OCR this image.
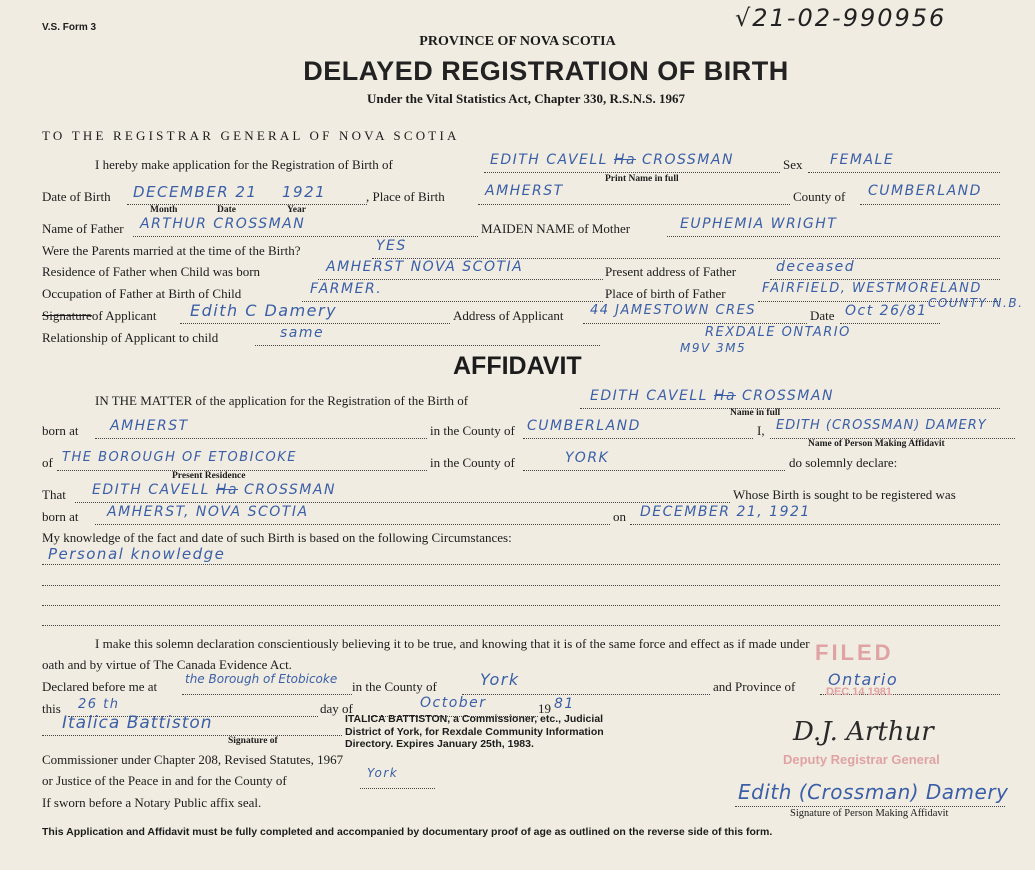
V.S. Form 3	√21-02-990956
PROVINCE OF NOVA SCOTIA
DELAYED REGISTRATION OF BIRTH
Under the Vital Statistics Act, Chapter 330, R.S.N.S. 1967
TO THE REGISTRAR GENERAL OF NOVA SCOTIA
I hereby make application for the Registration of Birth of	EDITH CAVELL Ha CROSSMAN
Print Name in full
Sex FEMALE
Date of Birth DECEMBER 21 1921
Month	Date	Year
, Place of Birth	AMHERST	County of CUMBERLAND
Name of Father ARTHUR CROSSMAN	MAIDEN NAME of Mother	EUPHEMIA WRIGHT
Were the Parents married at the time of the Birth?	YES
Residence of Father when Child was born	AMHERST NOVA SCOTIA	Present address of Father	deceased
Occupation of Father at Birth of Child	FARMER.	Place of birth of Father	FAIRFIELD, WESTMORELAND
COUNTY N.B.
Signatureof Applicant Edith C Damery	Address of Applicant 44 JAMESTOWN CRES	Date Oct 26/81
Relationship of Applicant to child	same	REXDALE ONTARIO
M9V 3M5
AFFIDAVIT
IN THE MATTER of the application for the Registration of the Birth of	EDITH CAVELL Ha CROSSMAN
Name in full
born at AMHERST	in the County of CUMBERLAND	I, EDITH (CROSSMAN) DAMERY
Name of Person Making Affidavit
of THE BOROUGH OF ETOBICOKE
Present Residence
in the County of	YORK	do solemnly declare:
That EDITH CAVELL Ha CROSSMAN	Whose Birth is sought to be registered was
born at AMHERST, NOVA SCOTIA	on DECEMBER 21, 1921
My knowledge of the fact and date of such Birth is based on the following Circumstances:
Personal knowledge
I make this solemn declaration conscientiously believing it to be true, and knowing that it is of the same force and effect as if made under
oath and by virtue of The Canada Evidence Act.
Declared before me at the Borough of Etobicoke in the County of	York	and Province of Ontario
this 26 th	day of	October	19 81
Italica Battiston
Signature of
ITALICA BATTISTON, a Commissioner, etc., Judicial District of York, for Rexdale Community Information Directory. Expires January 25th, 1983.
Commissioner under Chapter 208, Revised Statutes, 1967
or Justice of the Peace in and for the County of	York
If sworn before a Notary Public affix seal.
FILED
DEC 14 1981
D.J. Arthur
Deputy Registrar General
Edith (Crossman) Damery
Signature of Person Making Affidavit
This Application and Affidavit must be fully completed and accompanied by documentary proof of age as outlined on the reverse side of this form.
